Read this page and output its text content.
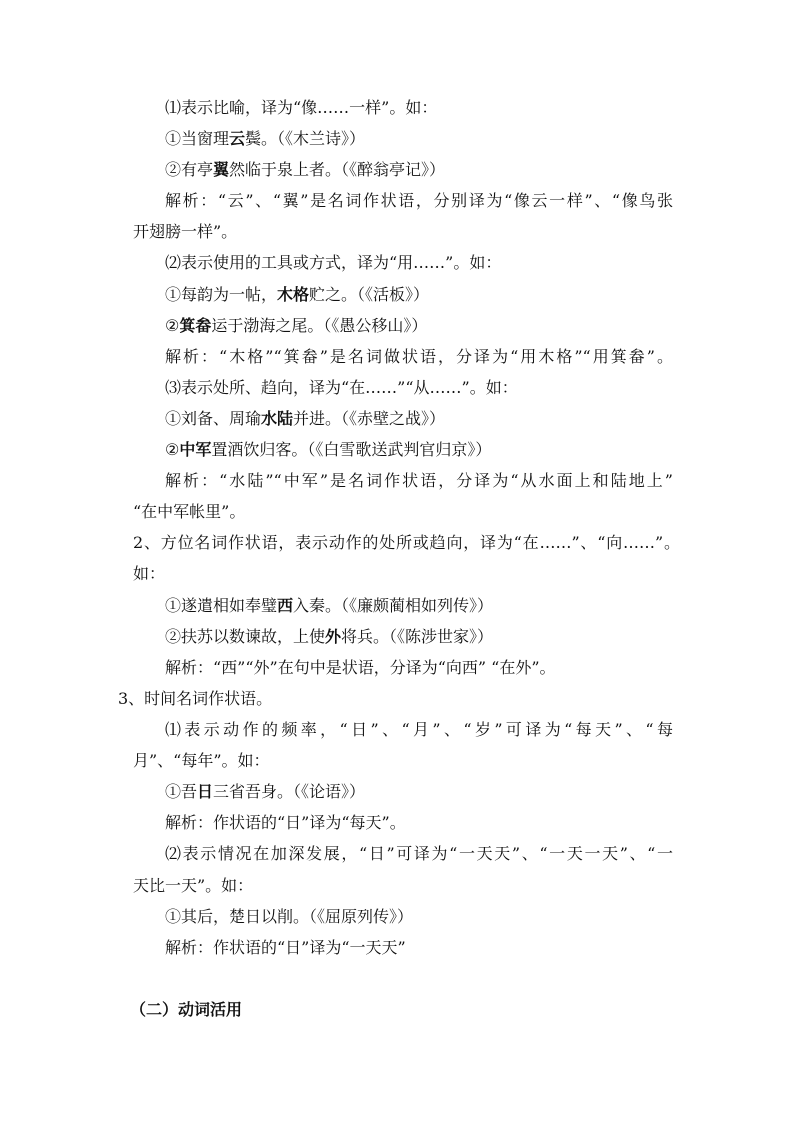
⑴表示比喻，译为“像……一样”。如：
①当窗理云鬓。（《木兰诗》）
②有亭翼然临于泉上者。（《醉翁亭记》）
解析：“云”、“翼”是名词作状语，分别译为“像云一样”、“像鸟张
开翅膀一样”。
⑵表示使用的工具或方式，译为“用……”。如：
①每韵为一帖，木格贮之。（《活板》）
②箕畚运于渤海之尾。（《愚公移山》）
解析：“木格”“箕畚”是名词做状语，分译为“用木格”“用箕畚”。
⑶表示处所、趋向，译为“在……”“从……”。如：
①刘备、周瑜水陆并进。（《赤壁之战》）
②中军置酒饮归客。（《白雪歌送武判官归京》）
解析：“水陆”“中军”是名词作状语，分译为“从水面上和陆地上”
“在中军帐里”。
2、方位名词作状语，表示动作的处所或趋向，译为“在……”、“向……”。
如：
①遂遣相如奉璧西入秦。（《廉颇蔺相如列传》）
②扶苏以数谏故，上使外将兵。（《陈涉世家》）
解析：“西”“外”在句中是状语，分译为“向西” “在外”。
3、时间名词作状语。
⑴表示动作的频率，“日”、“月”、“岁”可译为“每天”、“每
月”、“每年”。如：
①吾日三省吾身。（《论语》）
解析：作状语的“日”译为“每天”。
⑵表示情况在加深发展，“日”可译为“一天天”、“一天一天”、“一
天比一天”。如：
①其后，楚日以削。（《屈原列传》）
解析：作状语的“日”译为“一天天”
（二）动词活用
